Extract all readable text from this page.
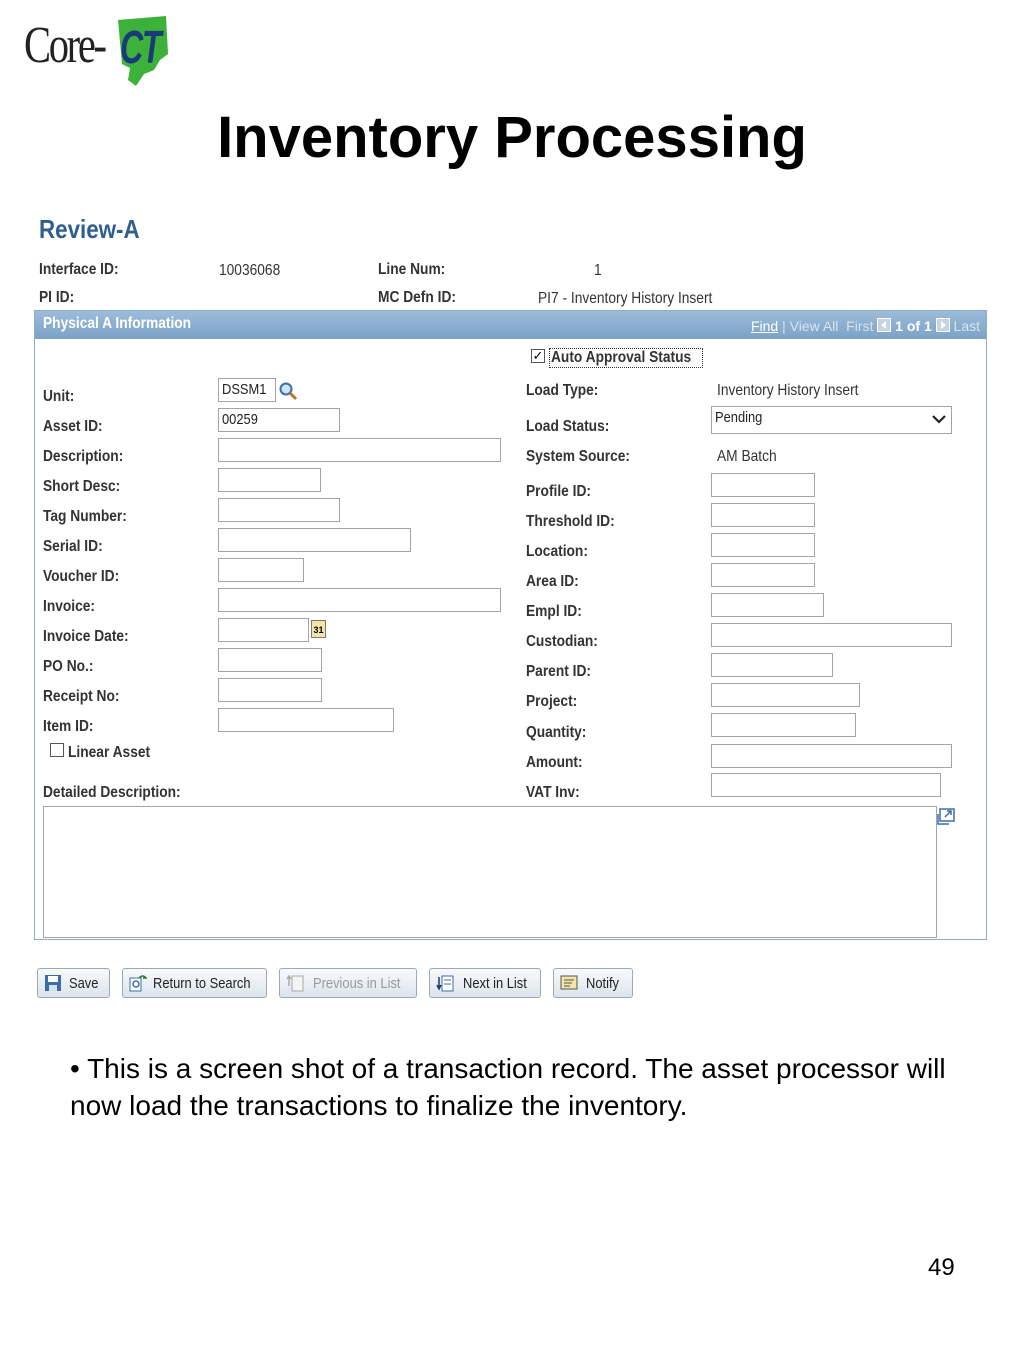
Core- CT
Inventory Processing
Review-A
Interface ID:	10036068	Line Num:	1
PI ID:	MC Defn ID:	PI7 - Inventory History Insert
Physical A Information	Find | View All First 1 of 1 Last
Unit:	DSSM1
Asset ID:	00259
Description:
Short Desc:
Tag Number:
Serial ID:
Voucher ID:
Invoice:
Invoice Date:	31
PO No.:
Receipt No:
Item ID:
Linear Asset
Detailed Description:
✓ Auto Approval Status
Load Type:	Inventory History Insert
Load Status:
Pending
System Source:	AM Batch
Profile ID:
Threshold ID:
Location:
Area ID:
Empl ID:
Custodian:
Parent ID:
Project:
Quantity:
Amount:
VAT Inv:
Save	Return to Search	Previous in List	Next in List	Notify
• This is a screen shot of a transaction record. The asset processor will now load the transactions to finalize the inventory.
49
